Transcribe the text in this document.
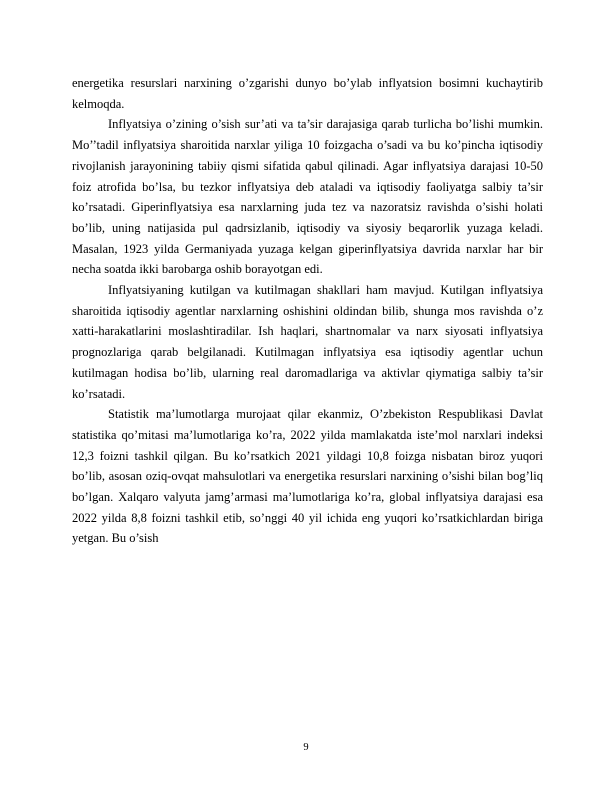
energetika resurslari narxining o’zgarishi dunyo bo’ylab inflyatsion bosimni kuchaytirib kelmoqda.

Inflyatsiya o’zining o’sish sur’ati va ta’sir darajasiga qarab turlicha bo’lishi mumkin. Mo’’tadil inflyatsiya sharoitida narxlar yiliga 10 foizgacha o’sadi va bu ko’pincha iqtisodiy rivojlanish jarayonining tabiiy qismi sifatida qabul qilinadi. Agar inflyatsiya darajasi 10-50 foiz atrofida bo’lsa, bu tezkor inflyatsiya deb ataladi va iqtisodiy faoliyatga salbiy ta’sir ko’rsatadi. Giperinflyatsiya esa narxlarning juda tez va nazoratsiz ravishda o’sishi holati bo’lib, uning natijasida pul qadrsizlanib, iqtisodiy va siyosiy beqarorlik yuzaga keladi. Masalan, 1923 yilda Germaniyada yuzaga kelgan giperinflyatsiya davrida narxlar har bir necha soatda ikki barobarga oshib borayotgan edi.

Inflyatsiyaning kutilgan va kutilmagan shakllari ham mavjud. Kutilgan inflyatsiya sharoitida iqtisodiy agentlar narxlarning oshishini oldindan bilib, shunga mos ravishda o’z xatti-harakatlarini moslashtiradilar. Ish haqlari, shartnomalar va narx siyosati inflyatsiya prognozlariga qarab belgilanadi. Kutilmagan inflyatsiya esa iqtisodiy agentlar uchun kutilmagan hodisa bo’lib, ularning real daromadlariga va aktivlar qiymatiga salbiy ta’sir ko’rsatadi.

Statistik ma’lumotlarga murojaat qilar ekanmiz, O’zbekiston Respublikasi Davlat statistika qo’mitasi ma’lumotlariga ko’ra, 2022 yilda mamlakatda iste’mol narxlari indeksi 12,3 foizni tashkil qilgan. Bu ko’rsatkich 2021 yildagi 10,8 foizga nisbatan biroz yuqori bo’lib, asosan oziq-ovqat mahsulotlari va energetika resurslari narxining o’sishi bilan bog’liq bo’lgan. Xalqaro valyuta jamg’armasi ma’lumotlariga ko’ra, global inflyatsiya darajasi esa 2022 yilda 8,8 foizni tashkil etib, so’nggi 40 yil ichida eng yuqori ko’rsatkichlardan biriga yetgan. Bu o’sish

9
